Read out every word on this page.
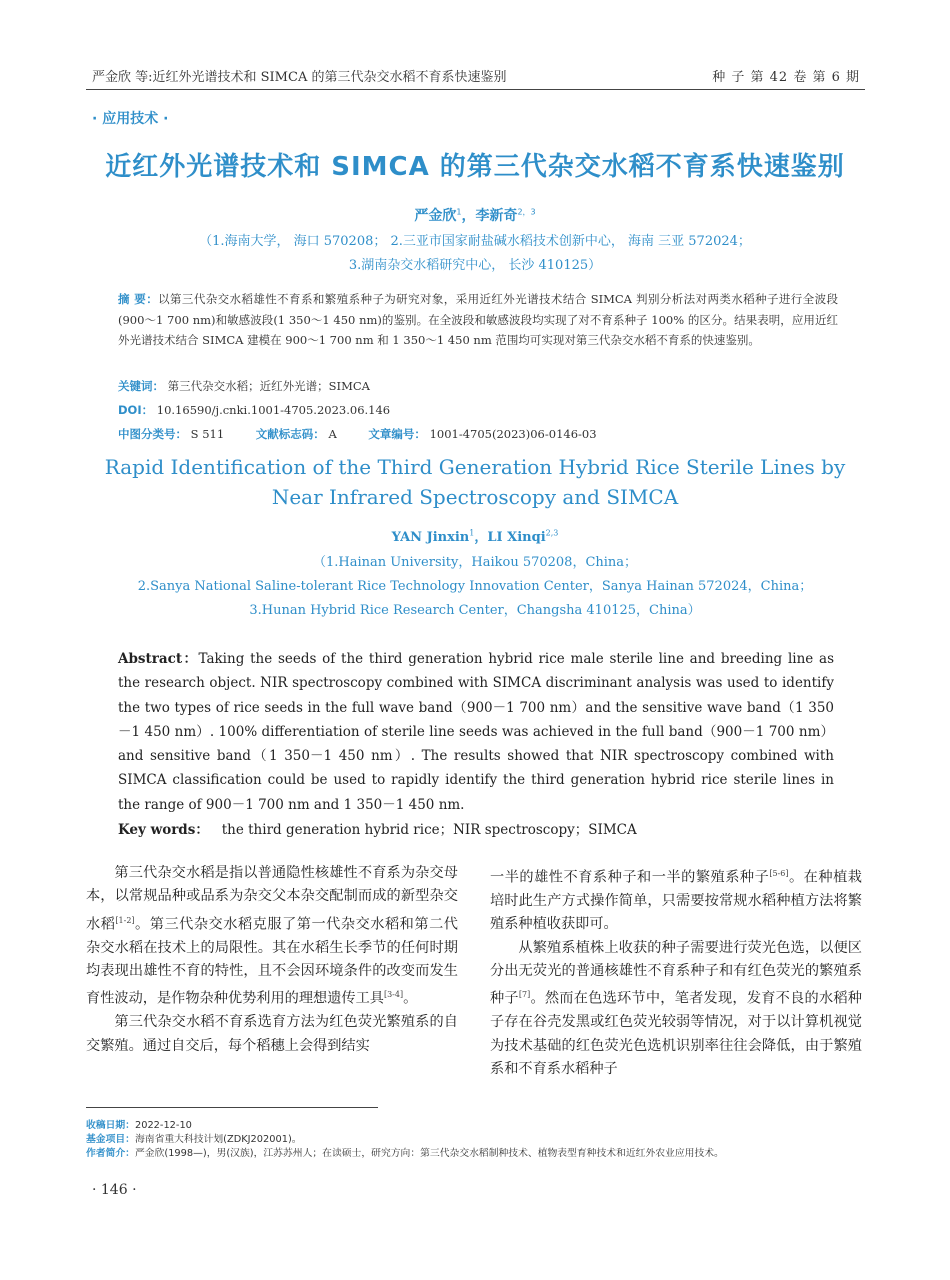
严金欣 等:近红外光谱技术和 SIMCA 的第三代杂交水稻不育系快速鉴别	种 子 第 42 卷 第 6 期
· 应用技术 ·
近红外光谱技术和 SIMCA 的第三代杂交水稻不育系快速鉴别
严金欣$^1$，李新奇$^{2,3}$
（1.海南大学， 海口 570208； 2.三亚市国家耐盐碱水稻技术创新中心， 海南 三亚 572024；
3.湖南杂交水稻研究中心， 长沙 410125）
摘 要：以第三代杂交水稻雄性不育系和繁殖系种子为研究对象，采用近红外光谱技术结合 SIMCA 判别分析法对两类水稻种子进行全波段(900～1 700 nm)和敏感波段(1 350～1 450 nm)的鉴别。在全波段和敏感波段均实现了对不育系种子 100% 的区分。结果表明，应用近红外光谱技术结合 SIMCA 建模在 900～1 700 nm 和 1 350～1 450 nm 范围均可实现对第三代杂交水稻不育系的快速鉴别。
关键词： 第三代杂交水稻；近红外光谱；SIMCA
DOI： 10.16590/j.cnki.1001-4705.2023.06.146
中图分类号： S 511	文献标志码： A	文章编号： 1001-4705(2023)06-0146-03
Rapid Identification of the Third Generation Hybrid Rice Sterile Lines by
Near Infrared Spectroscopy and SIMCA
YAN Jinxin$^1$，LI Xinqi$^{2,3}$
（1.Hainan University，Haikou 570208，China；
2.Sanya National Saline-tolerant Rice Technology Innovation Center，Sanya Hainan 572024，China；
3.Hunan Hybrid Rice Research Center，Changsha 410125，China）
Abstract：Taking the seeds of the third generation hybrid rice male sterile line and breeding line as the research object. NIR spectroscopy combined with SIMCA discriminant analysis was used to identify the two types of rice seeds in the full wave band（900－1 700 nm）and the sensitive wave band（1 350－1 450 nm）. 100% differentiation of sterile line seeds was achieved in the full band（900－1 700 nm）and sensitive band（1 350－1 450 nm）. The results showed that NIR spectroscopy combined with SIMCA classification could be used to rapidly identify the third generation hybrid rice sterile lines in the range of 900－1 700 nm and 1 350－1 450 nm.
Key words： the third generation hybrid rice；NIR spectroscopy；SIMCA

第三代杂交水稻是指以普通隐性核雄性不育系为杂交母本，以常规品种或品系为杂交父本杂交配制而成的新型杂交水稻[1-2]。第三代杂交水稻克服了第一代杂交水稻和第二代杂交水稻在技术上的局限性。其在水稻生长季节的任何时期均表现出雄性不育的特性，且不会因环境条件的改变而发生育性波动，是作物杂种优势利用的理想遗传工具[3-4]。

第三代杂交水稻不育系选育方法为红色荧光繁殖系的自交繁殖。通过自交后，每个稻穗上会得到结实

一半的雄性不育系种子和一半的繁殖系种子[5-6]。在种植栽培时此生产方式操作简单，只需要按常规水稻种植方法将繁殖系种植收获即可。

从繁殖系植株上收获的种子需要进行荧光色选，以便区分出无荧光的普通核雄性不育系种子和有红色荧光的繁殖系种子[7]。然而在色选环节中，笔者发现，发育不良的水稻种子存在谷壳发黑或红色荧光较弱等情况，对于以计算机视觉为技术基础的红色荧光色选机识别率往往会降低，由于繁殖系和不育系水稻种子

收稿日期：2022-12-10
基金项目：海南省重大科技计划(ZDKJ202001)。
作者简介：严金欣(1998—)，男(汉族)，江苏苏州人；在读硕士，研究方向：第三代杂交水稻制种技术、植物表型育种技术和近红外农业应用技术。
· 146 ·
